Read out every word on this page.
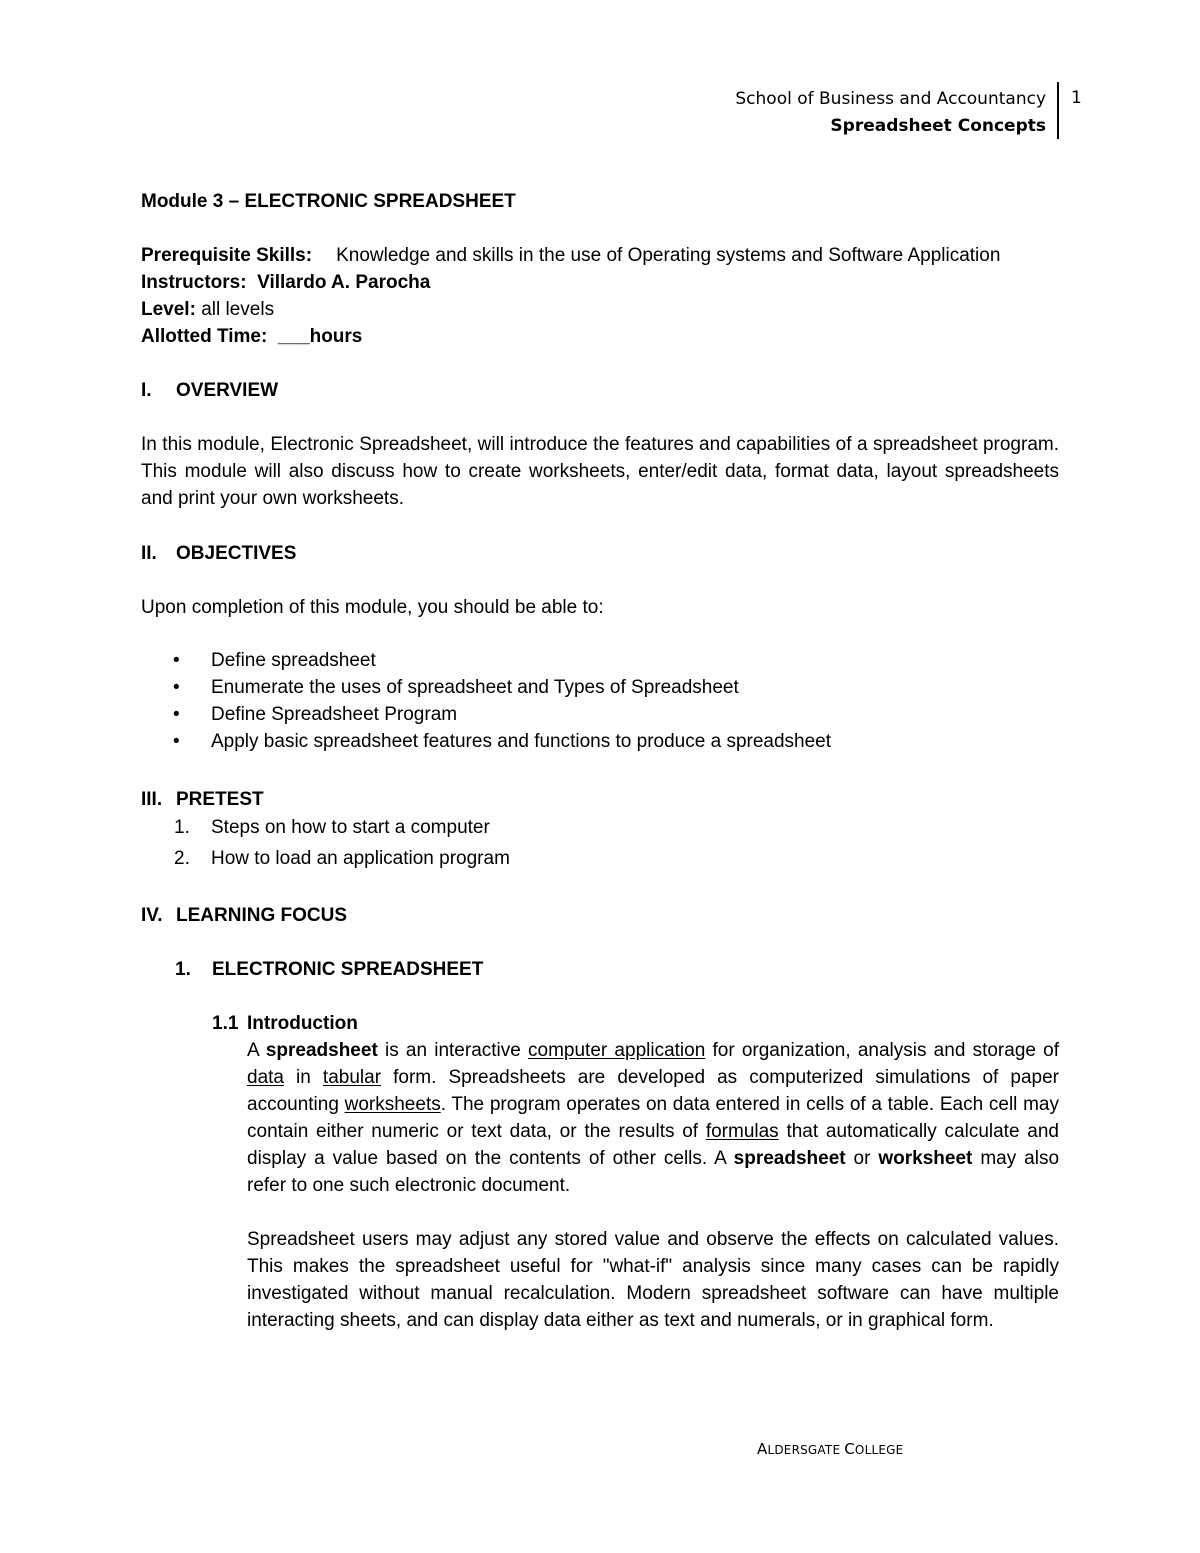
School of Business and Accountancy
Spreadsheet Concepts
1
Module 3 – ELECTRONIC SPREADSHEET
Prerequisite Skills: Knowledge and skills in the use of Operating systems and Software Application
Instructors: Villardo A. Parocha
Level: all levels
Allotted Time: ___hours
I. OVERVIEW
In this module, Electronic Spreadsheet, will introduce the features and capabilities of a spreadsheet program. This module will also discuss how to create worksheets, enter/edit data, format data, layout spreadsheets and print your own worksheets.
II. OBJECTIVES
Upon completion of this module, you should be able to:
• Define spreadsheet
• Enumerate the uses of spreadsheet and Types of Spreadsheet
• Define Spreadsheet Program
• Apply basic spreadsheet features and functions to produce a spreadsheet
III. PRETEST
1. Steps on how to start a computer
2. How to load an application program
IV. LEARNING FOCUS
1. ELECTRONIC SPREADSHEET
1.1 Introduction
A spreadsheet is an interactive computer application for organization, analysis and storage of data in tabular form. Spreadsheets are developed as computerized simulations of paper accounting worksheets. The program operates on data entered in cells of a table. Each cell may contain either numeric or text data, or the results of formulas that automatically calculate and display a value based on the contents of other cells. A spreadsheet or worksheet may also refer to one such electronic document.
Spreadsheet users may adjust any stored value and observe the effects on calculated values. This makes the spreadsheet useful for "what-if" analysis since many cases can be rapidly investigated without manual recalculation. Modern spreadsheet software can have multiple interacting sheets, and can display data either as text and numerals, or in graphical form.
ALDERSGATE COLLEGE
